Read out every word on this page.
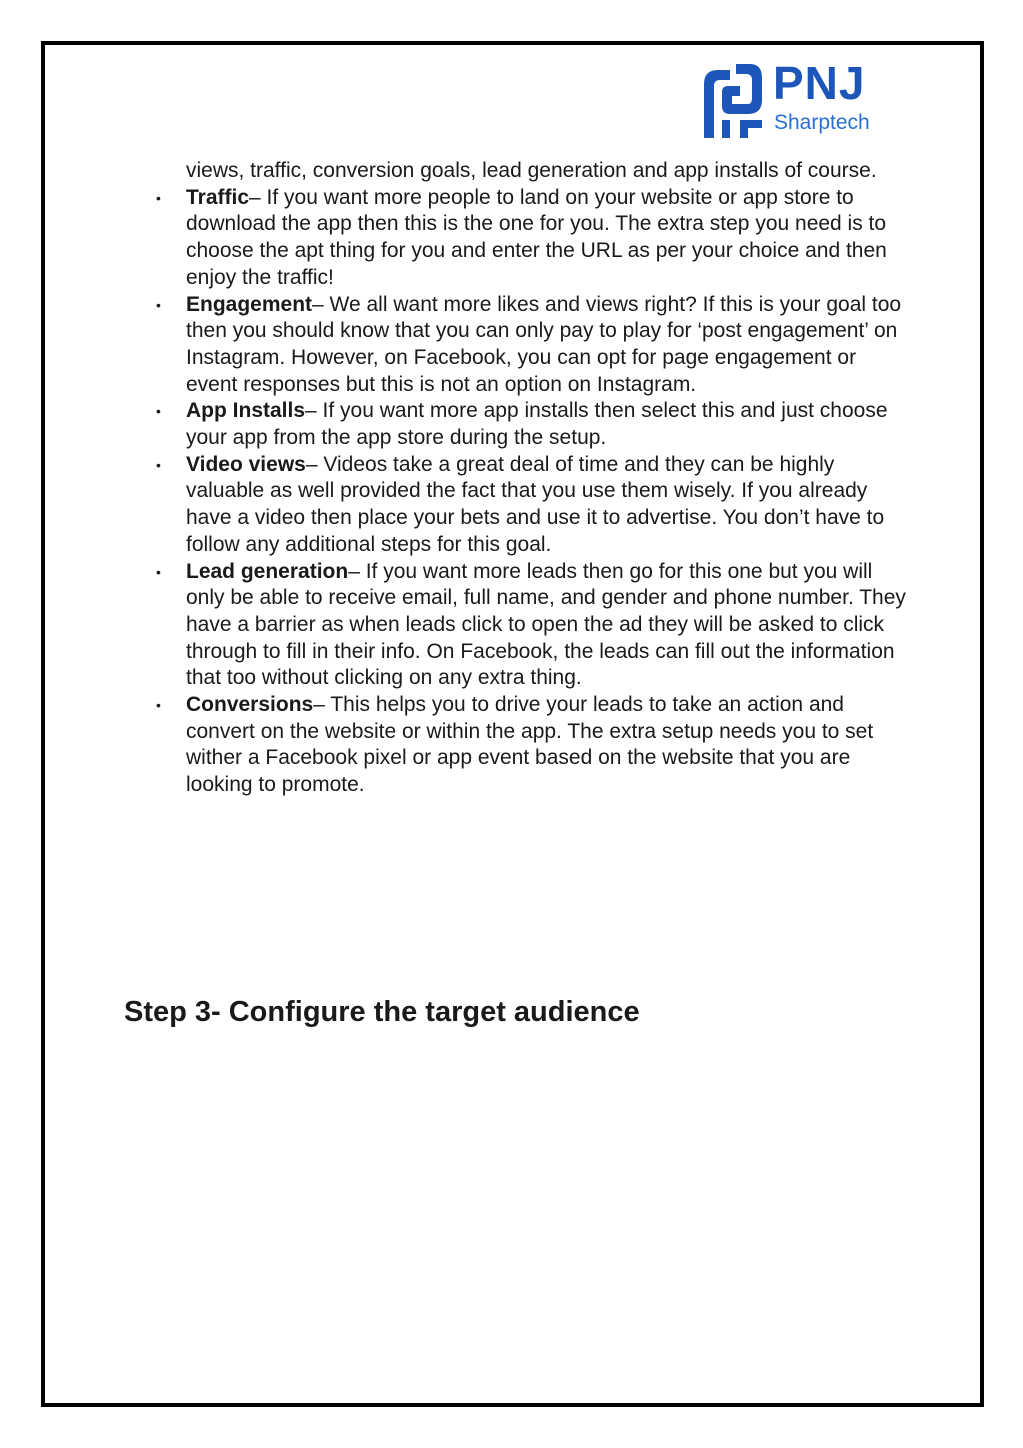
PNJ
Sharptech

views, traffic, conversion goals, lead generation and app installs of course.

• Traffic– If you want more people to land on your website or app store to download the app then this is the one for you. The extra step you need is to choose the apt thing for you and enter the URL as per your choice and then enjoy the traffic!
• Engagement– We all want more likes and views right? If this is your goal too then you should know that you can only pay to play for ‘post engagement’ on Instagram. However, on Facebook, you can opt for page engagement or event responses but this is not an option on Instagram.
• App Installs– If you want more app installs then select this and just choose your app from the app store during the setup.
• Video views– Videos take a great deal of time and they can be highly valuable as well provided the fact that you use them wisely. If you already have a video then place your bets and use it to advertise. You don’t have to follow any additional steps for this goal.
• Lead generation– If you want more leads then go for this one but you will only be able to receive email, full name, and gender and phone number. They have a barrier as when leads click to open the ad they will be asked to click through to fill in their info. On Facebook, the leads can fill out the information that too without clicking on any extra thing.
• Conversions– This helps you to drive your leads to take an action and convert on the website or within the app. The extra setup needs you to set wither a Facebook pixel or app event based on the website that you are looking to promote.
Step 3- Configure the target audience
